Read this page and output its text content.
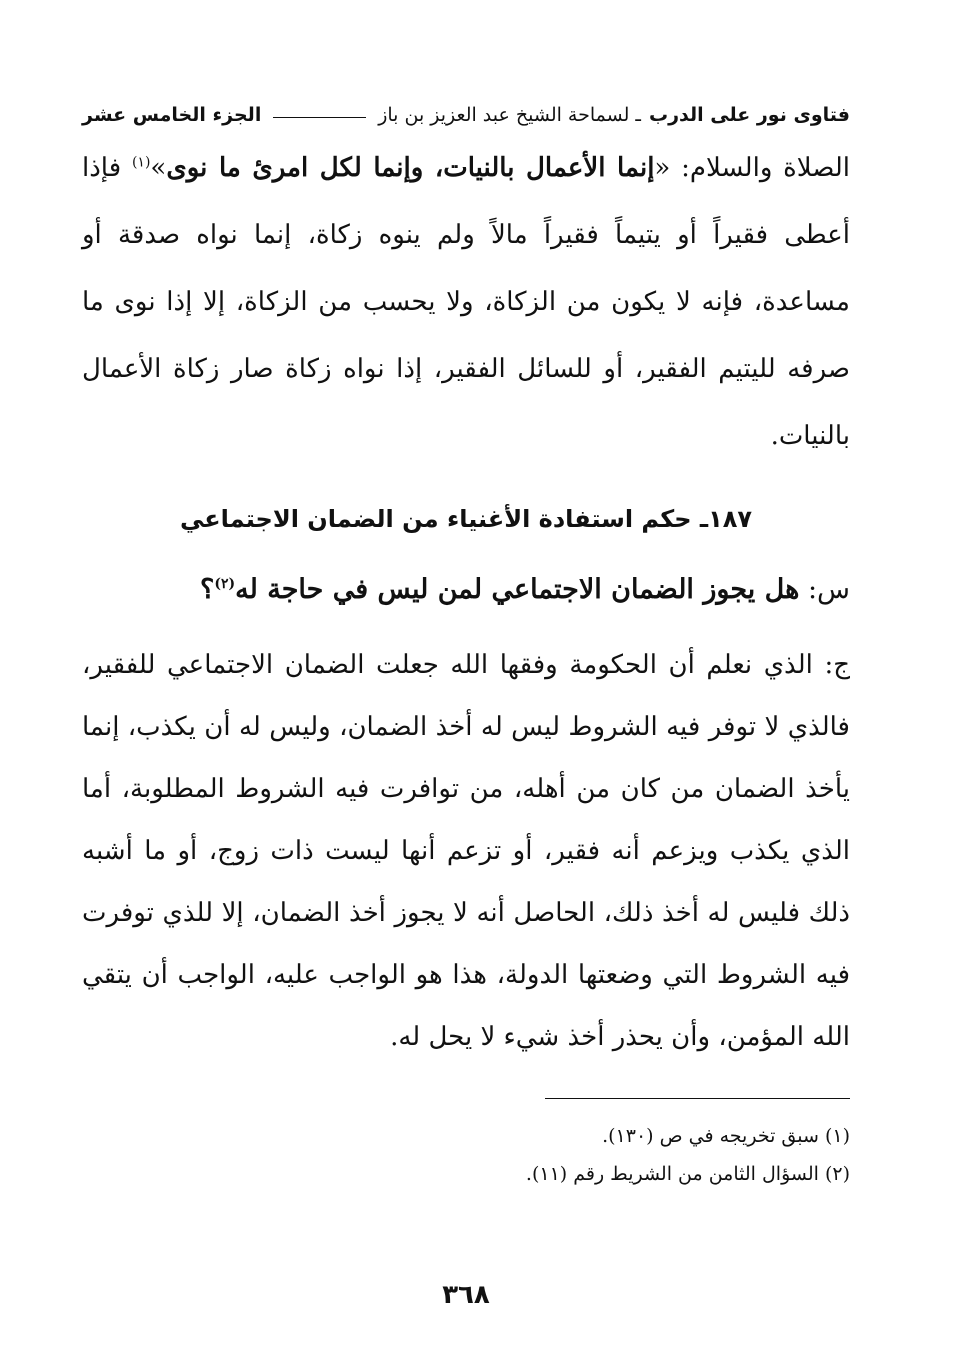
فتاوى نور على الدرب
ـ لسماحة الشيخ عبد العزيز بن باز
الجزء الخامس عشر

الصلاة والسلام: «إنما الأعمال بالنيات، وإنما لكل امرئ ما نوى»$^{(١)}$ فإذا أعطى فقيراً أو يتيماً فقيراً مالاً ولم ينوه زكاة، إنما نواه صدقة أو مساعدة، فإنه لا يكون من الزكاة، ولا يحسب من الزكاة، إلا إذا نوى ما صرفه لليتيم الفقير، أو للسائل الفقير، إذا نواه زكاة صار زكاة الأعمال بالنيات.

١٨٧ـ حكم استفادة الأغنياء من الضمان الاجتماعي

س: هل يجوز الضمان الاجتماعي لمن ليس في حاجة له$^{(٢)}$؟

ج: الذي نعلم أن الحكومة وفقها الله جعلت الضمان الاجتماعي للفقير، فالذي لا توفر فيه الشروط ليس له أخذ الضمان، وليس له أن يكذب، إنما يأخذ الضمان من كان من أهله، من توافرت فيه الشروط المطلوبة، أما الذي يكذب ويزعم أنه فقير، أو تزعم أنها ليست ذات زوج، أو ما أشبه ذلك فليس له أخذ ذلك، الحاصل أنه لا يجوز أخذ الضمان، إلا للذي توفرت فيه الشروط التي وضعتها الدولة، هذا هو الواجب عليه، الواجب أن يتقي الله المؤمن، وأن يحذر أخذ شيء لا يحل له.

(١) سبق تخريجه في ص (١٣٠).
(٢) السؤال الثامن من الشريط رقم (١١).
٣٦٨
